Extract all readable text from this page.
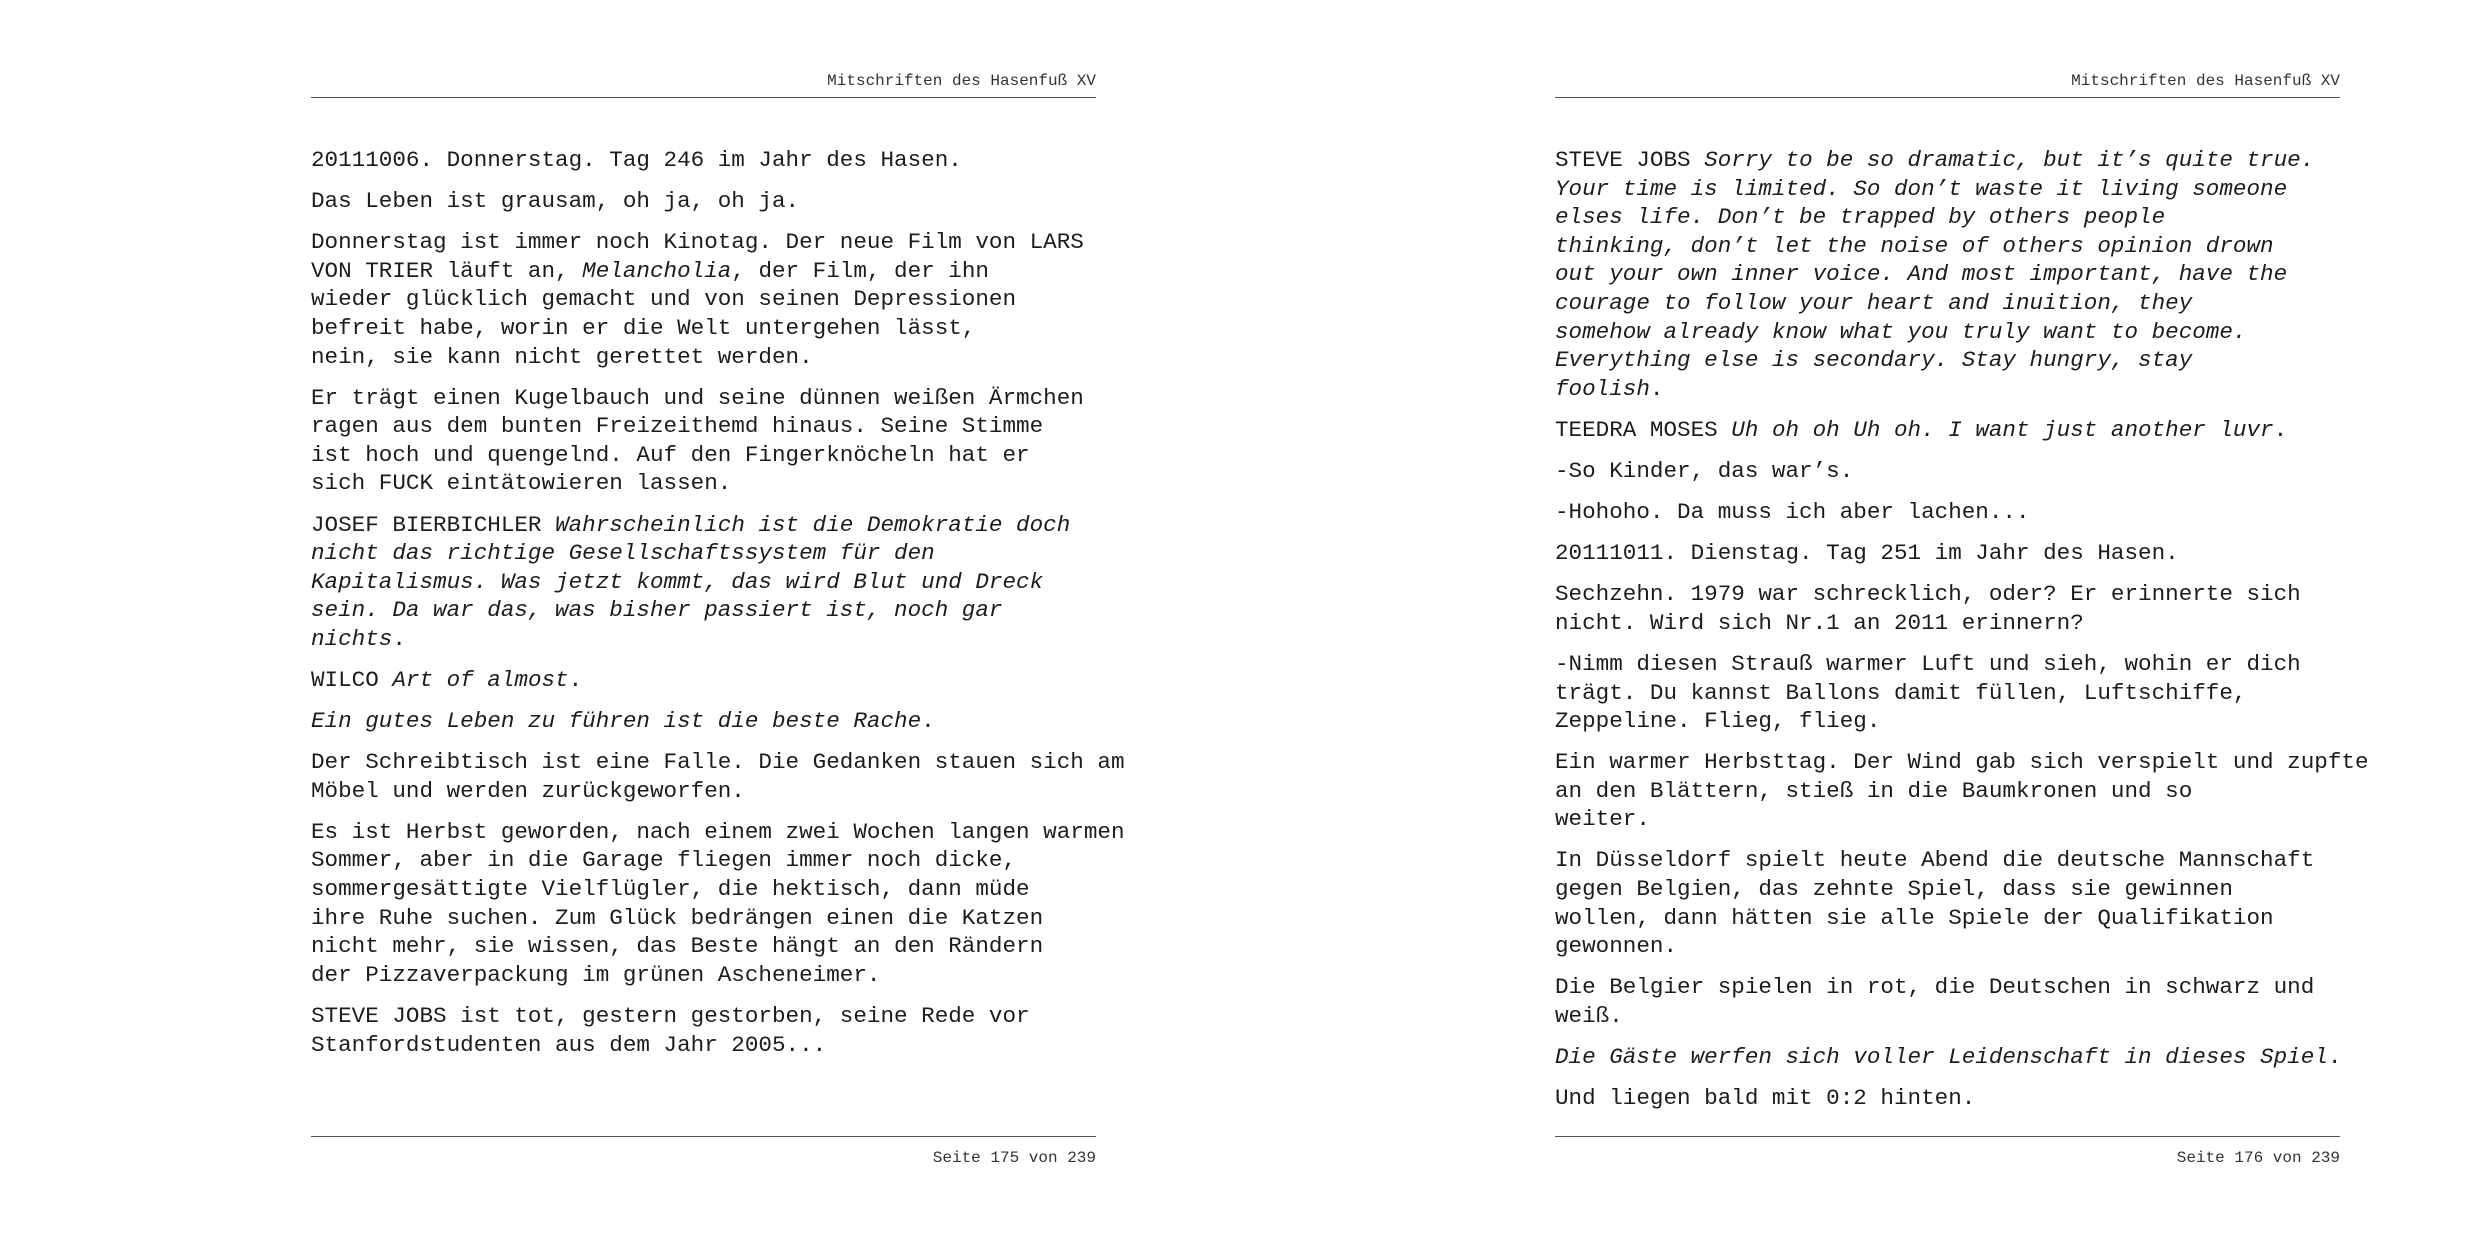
Mitschriften des Hasenfuß XV

20111006. Donnerstag. Tag 246 im Jahr des Hasen.

Das Leben ist grausam, oh ja, oh ja.

Donnerstag ist immer noch Kinotag. Der neue Film von LARS
VON TRIER läuft an, Melancholia, der Film, der ihn
wieder glücklich gemacht und von seinen Depressionen
befreit habe, worin er die Welt untergehen lässt,
nein, sie kann nicht gerettet werden.

Er trägt einen Kugelbauch und seine dünnen weißen Ärmchen
ragen aus dem bunten Freizeithemd hinaus. Seine Stimme
ist hoch und quengelnd. Auf den Fingerknöcheln hat er
sich FUCK eintätowieren lassen.

JOSEF BIERBICHLER Wahrscheinlich ist die Demokratie doch
nicht das richtige Gesellschaftssystem für den
Kapitalismus. Was jetzt kommt, das wird Blut und Dreck
sein. Da war das, was bisher passiert ist, noch gar
nichts.

WILCO Art of almost.

Ein gutes Leben zu führen ist die beste Rache.

Der Schreibtisch ist eine Falle. Die Gedanken stauen sich am
Möbel und werden zurückgeworfen.

Es ist Herbst geworden, nach einem zwei Wochen langen warmen
Sommer, aber in die Garage fliegen immer noch dicke,
sommergesättigte Vielflügler, die hektisch, dann müde
ihre Ruhe suchen. Zum Glück bedrängen einen die Katzen
nicht mehr, sie wissen, das Beste hängt an den Rändern
der Pizzaverpackung im grünen Ascheneimer.

STEVE JOBS ist tot, gestern gestorben, seine Rede vor
Stanfordstudenten aus dem Jahr 2005...

Seite 175 von 239
Mitschriften des Hasenfuß XV

STEVE JOBS Sorry to be so dramatic, but it’s quite true.
Your time is limited. So don’t waste it living someone
elses life. Don’t be trapped by others people
thinking, don’t let the noise of others opinion drown
out your own inner voice. And most important, have the
courage to follow your heart and inuition, they
somehow already know what you truly want to become.
Everything else is secondary. Stay hungry, stay
foolish.

TEEDRA MOSES Uh oh oh Uh oh. I want just another luvr.

-So Kinder, das war’s.

-Hohoho. Da muss ich aber lachen...

20111011. Dienstag. Tag 251 im Jahr des Hasen.

Sechzehn. 1979 war schrecklich, oder? Er erinnerte sich
nicht. Wird sich Nr.1 an 2011 erinnern?

-Nimm diesen Strauß warmer Luft und sieh, wohin er dich
trägt. Du kannst Ballons damit füllen, Luftschiffe,
Zeppeline. Flieg, flieg.

Ein warmer Herbsttag. Der Wind gab sich verspielt und zupfte
an den Blättern, stieß in die Baumkronen und so
weiter.

In Düsseldorf spielt heute Abend die deutsche Mannschaft
gegen Belgien, das zehnte Spiel, dass sie gewinnen
wollen, dann hätten sie alle Spiele der Qualifikation
gewonnen.

Die Belgier spielen in rot, die Deutschen in schwarz und
weiß.

Die Gäste werfen sich voller Leidenschaft in dieses Spiel.

Und liegen bald mit 0:2 hinten.

Seite 176 von 239
